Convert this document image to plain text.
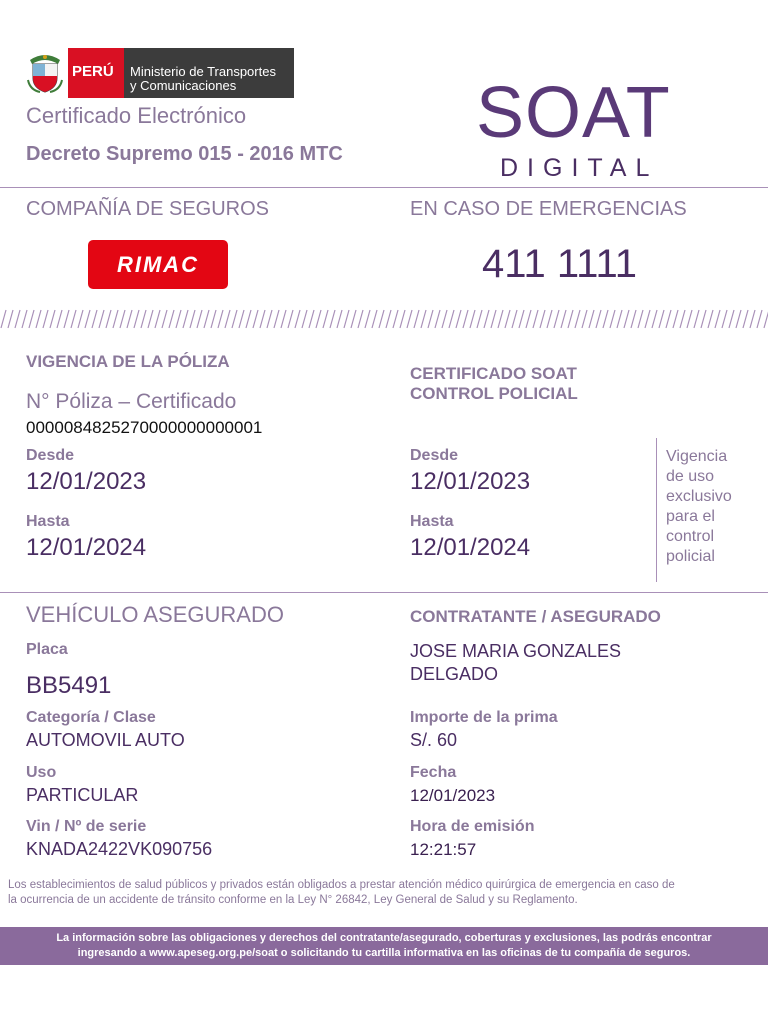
PERÚ Ministerio de Transportes
y Comunicaciones
Certificado Electrónico
Decreto Supremo 015 - 2016 MTC
SOAT
DIGITAL
COMPAÑÍA DE SEGUROS
RIMAC
EN CASO DE EMERGENCIAS
411 1111
VIGENCIA DE LA PÓLIZA
N° Póliza – Certificado
0000084825270000000000001
Desde
12/01/2023
Hasta
12/01/2024
CERTIFICADO SOAT
CONTROL POLICIAL
Desde
12/01/2023
Hasta
12/01/2024
Vigencia
de uso
exclusivo
para el
control
policial
VEHÍCULO ASEGURADO
Placa
BB5491
Categoría / Clase
AUTOMOVIL AUTO
Uso
PARTICULAR
Vin / Nº de serie
KNADA2422VK090756
CONTRATANTE / ASEGURADO
JOSE MARIA GONZALES
DELGADO
Importe de la prima
S/. 60
Fecha
12/01/2023
Hora de emisión
12:21:57
Los establecimientos de salud públicos y privados están obligados a prestar atención médico quirúrgica de emergencia en caso de
la ocurrencia de un accidente de tránsito conforme en la Ley N° 26842, Ley General de Salud y su Reglamento.
La información sobre las obligaciones y derechos del contratante/asegurado, coberturas y exclusiones, las podrás encontrar
ingresando a www.apeseg.org.pe/soat o solicitando tu cartilla informativa en las oficinas de tu compañía de seguros.
